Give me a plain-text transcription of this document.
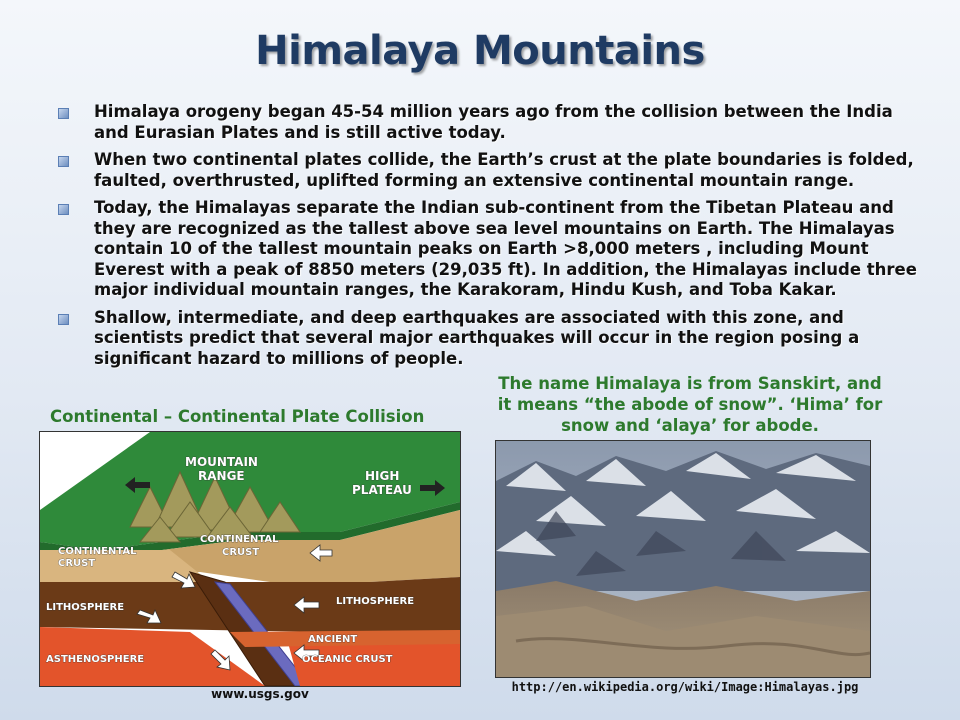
Himalaya Mountains
Himalaya orogeny began 45-54 million years ago from the collision between the India and Eurasian Plates and is still active today.
When two continental plates collide, the Earth’s crust at the plate boundaries is folded, faulted, overthrusted, uplifted forming an extensive continental mountain range.
Today, the Himalayas separate the Indian sub-continent from the Tibetan Plateau and they are recognized as the tallest above sea level mountains on Earth. The Himalayas contain 10 of the tallest mountain peaks on Earth >8,000 meters , including Mount Everest with a peak of 8850 meters (29,035 ft). In addition, the Himalayas include three major individual mountain ranges, the Karakoram, Hindu Kush, and Toba Kakar.
Shallow, intermediate, and deep earthquakes are associated with this zone, and scientists predict that several major earthquakes will occur in the region posing a significant hazard to millions of people.
Continental – Continental Plate Collision
The name Himalaya is from Sanskirt, and it means “the abode of snow”. ‘Hima’ for snow and ‘alaya’ for abode.
MOUNTAIN
RANGE	HIGH
PLATEAU
CONTINENTAL
CRUST
CONTINENTAL
CRUST
LITHOSPHERE
LITHOSPHERE
ASTHENOSPHERE
ANCIENT
OCEANIC CRUST
www.usgs.gov	http://en.wikipedia.org/wiki/Image:Himalayas.jpg
